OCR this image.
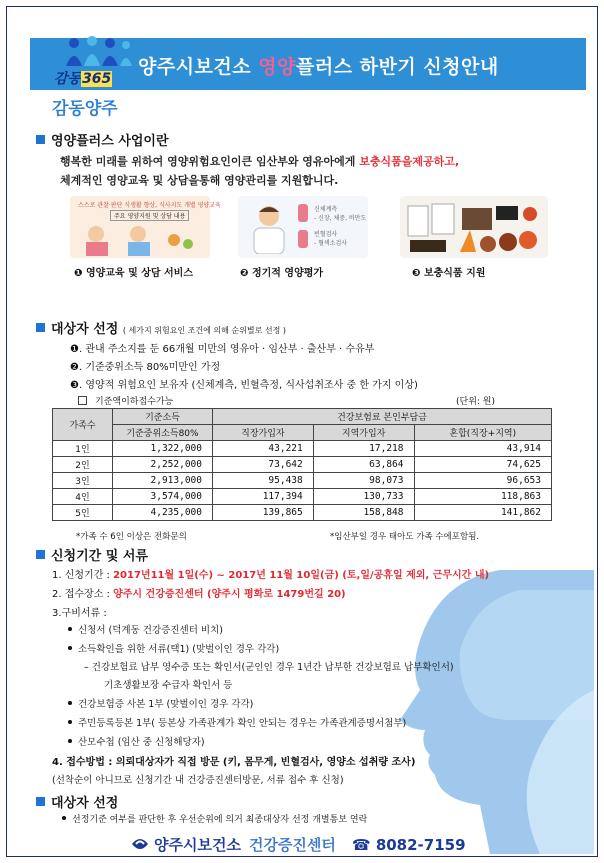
양주시보건소 영양플러스 하반기 신청안내
감동365
감동양주
영양플러스 사업이란
행복한 미래를 위하여 영양위험요인이큰 임산부와 영유아에게 보충식품을제공하고,
체계적인 영양교육 및 상담을통해 영양관리를 지원합니다.
스스로 관찰·판단 식생활 향상, 식사지도 개별 영양교육
주요 영양지원 및 상담 내용
신체계측
- 신장, 체중, 비만도
빈혈검사
- 혈색소검사
❶ 영양교육 및 상담 서비스	❷ 정기적 영양평가	❸ 보충식품 지원
대상자 선정 ( 세가지 위험요인 조건에 의해 순위별로 선정 )
❶. 관내 주소지를 둔 66개월 미만의 영유아 · 임산부 · 출산부 · 수유부
❷. 기준중위소득 80%미만인 가정
❸. 영양적 위험요인 보유자 (신체계측, 빈혈측정, 식사섭취조사 중 한 가지 이상)
기준액이하접수가능	(단위: 원)
가족수	기준소득	건강보험료 본인부담금		
	기준중위소득80%	직장가입자	지역가입자	혼합(직장+지역)
1인	1,322,000	43,221	17,218	43,914
2인	2,252,000	73,642	63,864	74,625
3인	2,913,000	95,438	98,073	96,653
4인	3,574,000	117,394	130,733	118,863
5인	4,235,000	139,865	158,848	141,862
*가족 수 6인 이상은 전화문의	*임산부일 경우 태아도 가족 수에포함됨.
신청기간 및 서류
1. 신청기간 : 2017년11월 1일(수) ~ 2017년 11월 10일(금) (토,일/공휴일 제외, 근무시간 내)
2. 접수장소 : 양주시 건강증진센터 (양주시 평화로 1479번길 20)
3.구비서류 :
신청서 (덕계동 건강증진센터 비치)
소득확인을 위한 서류(택1) (맞벌이인 경우 각각)
– 건강보험료 납부 영수증 또는 확인서(군인인 경우 1년간 납부한 건강보험료 납부확인서)
기초생활보장 수급자 확인서 등
건강보험증 사본 1부 (맞벌이인 경우 각각)
주민등록등본 1부( 등본상 가족관계가 확인 안되는 경우는 가족관계증명서첨부)
산모수첩 (임산 중 신청해당자)
4. 접수방법 : 의뢰대상자가 직접 방문 (키, 몸무게, 빈혈검사, 영양소 섭취량 조사)
(선착순이 아니므로 신청기간 내 건강증진센터방문, 서류 접수 후 신청)
대상자 선정
선정기준 여부를 판단한 후 우선순위에 의거 최종대상자 선정 개별통보 연락
양주시보건소 건강증진센터 ☎ 8082-7159
